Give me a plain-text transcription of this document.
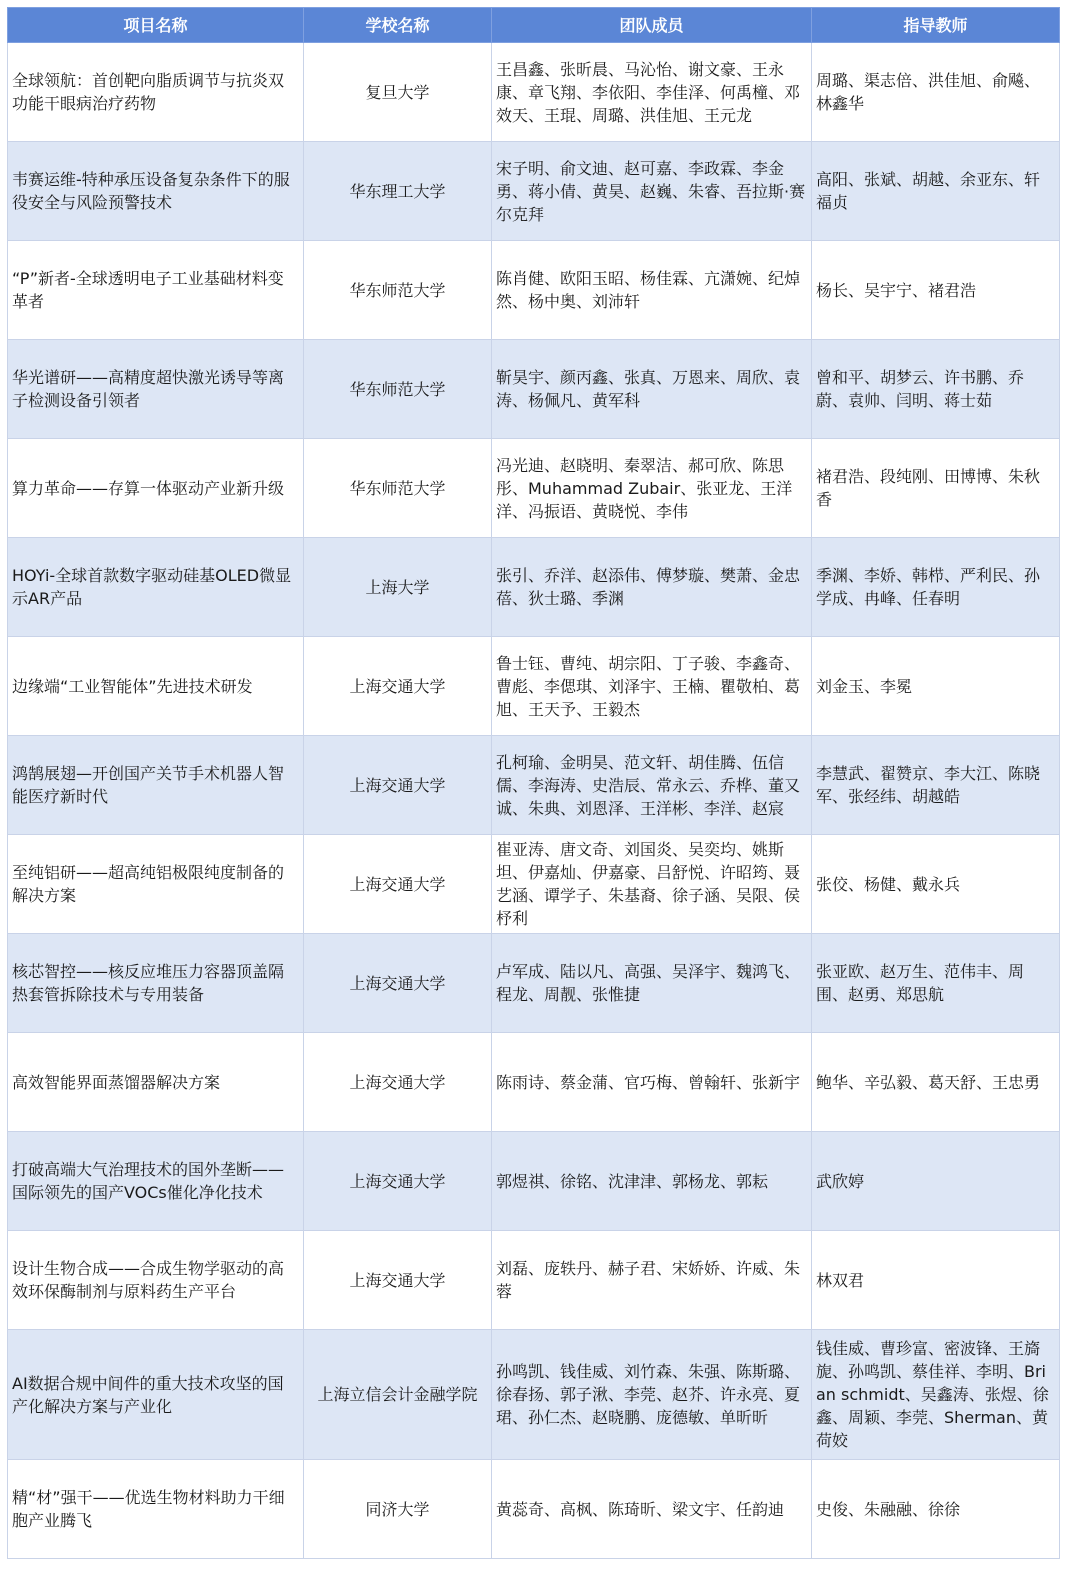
项目名称	学校名称	团队成员	指导教师
全球领航：首创靶向脂质调节与抗炎双功能干眼病治疗药物	复旦大学	王昌鑫、张昕晨、马沁怡、谢文豪、王永康、章飞翔、李依阳、李佳泽、何禹橦、邓效天、王琨、周璐、洪佳旭、王元龙	周璐、渠志倍、洪佳旭、俞飚、林鑫华
韦赛运维-特种承压设备复杂条件下的服役安全与风险预警技术	华东理工大学	宋子明、俞文迪、赵可嘉、李政霖、李金勇、蒋小倩、黄昊、赵巍、朱睿、吾拉斯·赛尔克拜	高阳、张斌、胡越、余亚东、轩福贞
“P”新者-全球透明电子工业基础材料变革者	华东师范大学	陈肖健、欧阳玉昭、杨佳霖、亢潇婉、纪焯然、杨中奥、刘沛轩	杨长、吴宇宁、褚君浩
华光谱研——高精度超快激光诱导等离子检测设备引领者	华东师范大学	靳昊宇、颜丙鑫、张真、万恩来、周欣、袁涛、杨佩凡、黄军科	曾和平、胡梦云、许书鹏、乔蔚、袁帅、闫明、蒋士茹
算力革命——存算一体驱动产业新升级	华东师范大学	冯光迪、赵晓明、秦翠洁、郝可欣、陈思彤、Muhammad Zubair、张亚龙、王洋洋、冯振语、黄晓悦、李伟	褚君浩、段纯刚、田博博、朱秋香
HOYi-全球首款数字驱动硅基OLED微显示AR产品	上海大学	张引、乔洋、赵添伟、傅梦璇、樊萧、金忠蓓、狄士璐、季渊	季渊、李娇、韩栉、严利民、孙学成、冉峰、任春明
边缘端“工业智能体”先进技术研发	上海交通大学	鲁士钰、曹纯、胡宗阳、丁子骏、李鑫奇、曹彪、李偲琪、刘泽宇、王楠、瞿敬柏、葛旭、王天予、王毅杰	刘金玉、李冕
鸿鹄展翅—开创国产关节手术机器人智能医疗新时代	上海交通大学	孔柯瑜、金明昊、范文轩、胡佳腾、伍信儒、李海涛、史浩辰、常永云、乔桦、董又诚、朱典、刘恩泽、王洋彬、李洋、赵宸	李慧武、翟赞京、李大江、陈晓军、张经纬、胡越皓
至纯铝研——超高纯铝极限纯度制备的解决方案	上海交通大学	崔亚涛、唐文奇、刘国炎、吴奕均、姚斯坦、伊嘉灿、伊嘉豪、吕舒悦、许昭筠、聂艺涵、谭学子、朱基裔、徐子涵、吴限、侯杼利	张佼、杨健、戴永兵
核芯智控——核反应堆压力容器顶盖隔热套管拆除技术与专用装备	上海交通大学	卢军成、陆以凡、高强、吴泽宇、魏鸿飞、程龙、周靓、张惟捷	张亚欧、赵万生、范伟丰、周围、赵勇、郑思航
高效智能界面蒸馏器解决方案	上海交通大学	陈雨诗、蔡金蒲、官巧梅、曾翰轩、张新宇	鲍华、辛弘毅、葛天舒、王忠勇
打破高端大气治理技术的国外垄断——国际领先的国产VOCs催化净化技术	上海交通大学	郭煜祺、徐铭、沈津津、郭杨龙、郭耘	武欣婷
设计生物合成——合成生物学驱动的高效环保酶制剂与原料药生产平台	上海交通大学	刘磊、庞轶丹、赫子君、宋娇娇、许威、朱蓉	林双君
AI数据合规中间件的重大技术攻坚的国产化解决方案与产业化	上海立信会计金融学院	孙鸣凯、钱佳威、刘竹森、朱强、陈斯璐、徐春扬、郭子湫、李莞、赵芥、许永亮、夏珺、孙仁杰、赵晓鹏、庞德敏、单昕昕	钱佳威、曹珍富、密波锋、王旖旎、孙鸣凯、蔡佳祥、李明、Brian schmidt、吴鑫涛、张煜、徐鑫、周颖、李莞、Sherman、黄荷姣
精“材”强干——优选生物材料助力干细胞产业腾飞	同济大学	黄蕊奇、高枫、陈琦昕、梁文宇、任韵迪	史俊、朱融融、徐徐
